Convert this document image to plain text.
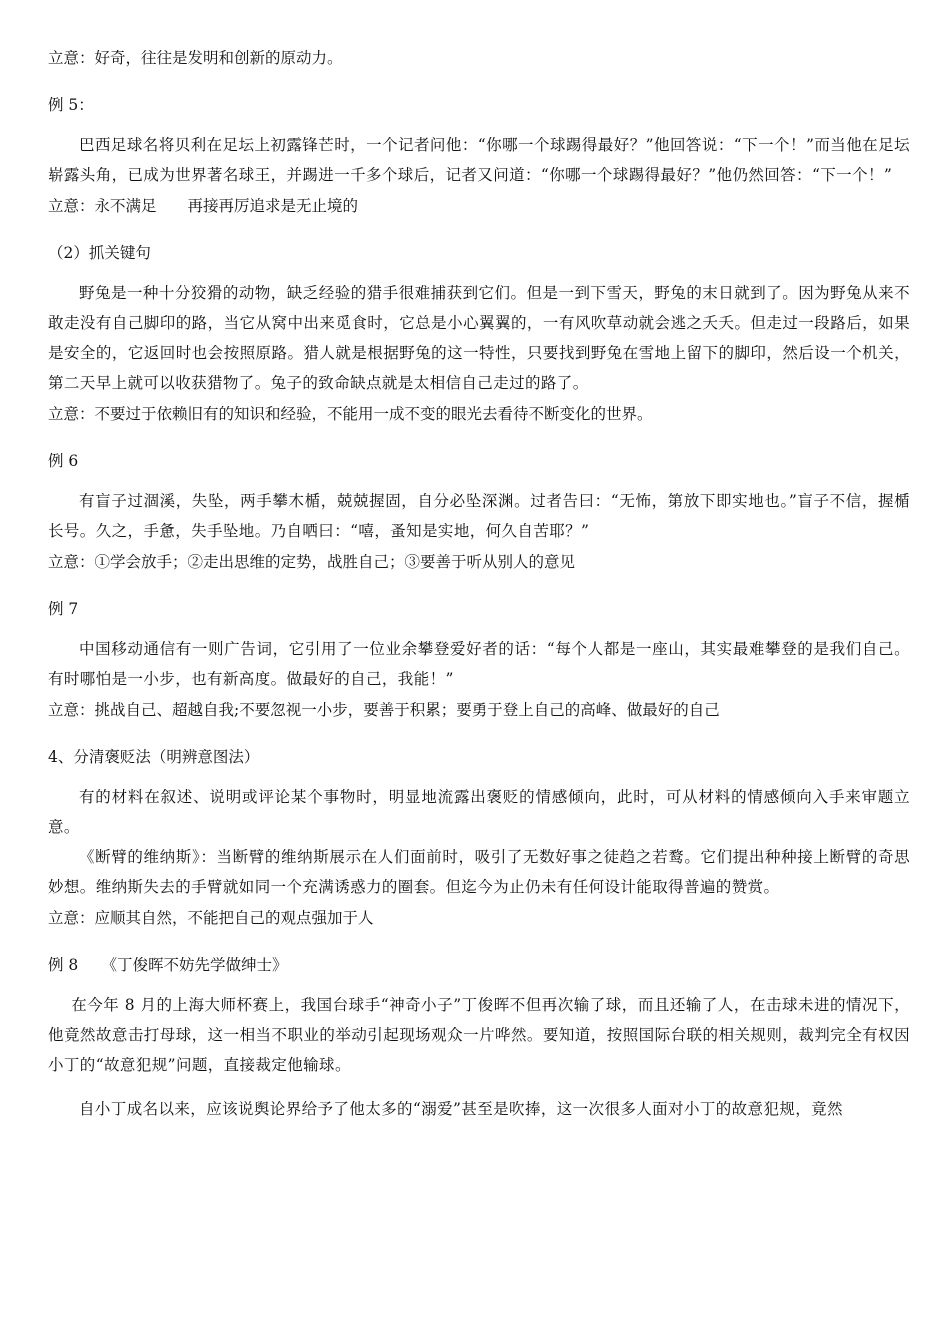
立意：好奇，往往是发明和创新的原动力。

例 5：

巴西足球名将贝利在足坛上初露锋芒时，一个记者问他：“你哪一个球踢得最好？”他回答说：“下一个！”而当他在足坛崭露头角，已成为世界著名球王，并踢进一千多个球后，记者又问道：“你哪一个球踢得最好？”他仍然回答：“下一个！”

立意：永不满足　　再接再厉追求是无止境的

（2）抓关键句

野兔是一种十分狡猾的动物，缺乏经验的猎手很难捕获到它们。但是一到下雪天，野兔的末日就到了。因为野兔从来不敢走没有自己脚印的路，当它从窝中出来觅食时，它总是小心翼翼的，一有风吹草动就会逃之夭夭。但走过一段路后，如果是安全的，它返回时也会按照原路。猎人就是根据野兔的这一特性，只要找到野兔在雪地上留下的脚印，然后设一个机关，第二天早上就可以收获猎物了。兔子的致命缺点就是太相信自己走过的路了。

立意：不要过于依赖旧有的知识和经验，不能用一成不变的眼光去看待不断变化的世界。

例 6

有盲子过涸溪，失坠，两手攀木楯，兢兢握固，自分必坠深渊。过者告曰：“无怖，第放下即实地也。”盲子不信，握楯长号。久之，手惫，失手坠地。乃自哂曰：“嘻，蚤知是实地，何久自苦耶？”

立意：①学会放手；②走出思维的定势，战胜自己；③要善于听从别人的意见

例 7

中国移动通信有一则广告词，它引用了一位业余攀登爱好者的话：“每个人都是一座山，其实最难攀登的是我们自己。有时哪怕是一小步，也有新高度。做最好的自己，我能！”

立意：挑战自己、超越自我;不要忽视一小步，要善于积累；要勇于登上自己的高峰、做最好的自己

4、分清褒贬法（明辨意图法）

有的材料在叙述、说明或评论某个事物时，明显地流露出褒贬的情感倾向，此时，可从材料的情感倾向入手来审题立意。

《断臂的维纳斯》：当断臂的维纳斯展示在人们面前时，吸引了无数好事之徒趋之若鹜。它们提出种种接上断臂的奇思妙想。维纳斯失去的手臂就如同一个充满诱惑力的圈套。但迄今为止仍未有任何设计能取得普遍的赞赏。

立意：应顺其自然，不能把自己的观点强加于人

例 8　　《丁俊晖不妨先学做绅士》

在今年 8 月的上海大师杯赛上，我国台球手“神奇小子”丁俊晖不但再次输了球，而且还输了人，在击球未进的情况下，他竟然故意击打母球，这一相当不职业的举动引起现场观众一片哗然。要知道，按照国际台联的相关规则，裁判完全有权因小丁的“故意犯规”问题，直接裁定他输球。

自小丁成名以来，应该说舆论界给予了他太多的“溺爱”甚至是吹捧，这一次很多人面对小丁的故意犯规，竟然
